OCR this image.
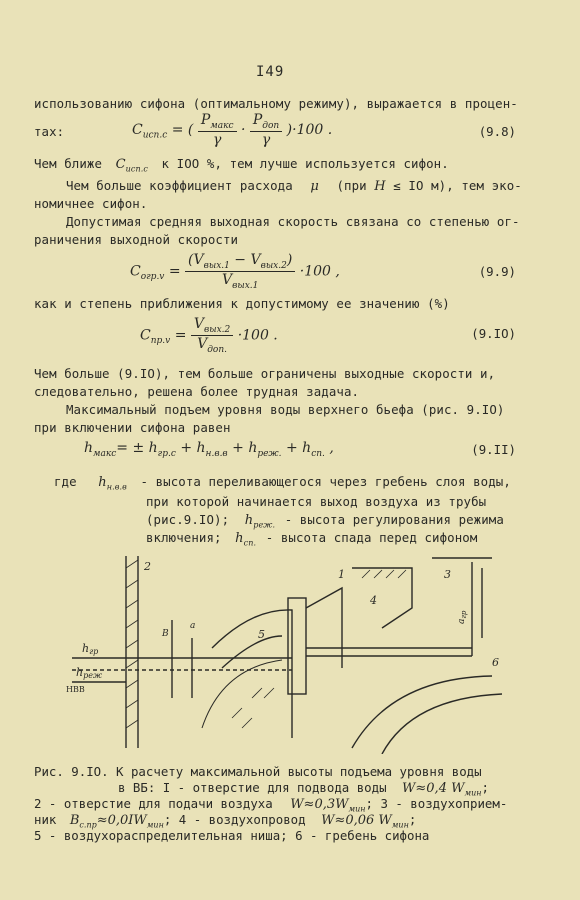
I49
использованию сифона (оптимальному режиму), выражается в процен-
тах:	$C_{исп.с}$ = ( $\frac{P_{макс}}{\gamma} \cdot \frac{P_{доп}}{\gamma} )\cdot 100$ .	(9.8)
Чем ближе $C_{исп.с}$ к IOO %, тем лучше используется сифон.
Чем больше коэффициент расхода μ (при H ≤ IO м), тем эко-
номичнее сифон.
Допустимая средняя выходная скорость связана со степенью ог-
раничения выходной скорости
$C_{огр.v} = \frac{(V_{вых.1} - V_{вых.2})}{V_{вых.1}} \cdot 100$ ,	(9.9)
как и степень приближения к допустимому ее значению (%)
$C_{пр.v} = \frac{V_{вых.2}}{V_{доп.}} \cdot 100$ .	(9.IO)
Чем больше (9.IO), тем больше ограничены выходные скорости и,
следовательно, решена более трудная задача.
Максимальный подъем уровня воды верхнего бьефа (рис. 9.IO)
при включении сифона равен
$h_{макс}= \pm h_{гр.с} + h_{н.в.в} + h_{реж.} + h_{сп.}$ ,	(9.II)
где $h_{н.в.в}$ - высота переливающегося через гребень слоя воды,
при которой начинается выход воздуха из трубы
(рис.9.IO); $h_{реж.}$ - высота регулирования режима
включения; $h_{сп.}$ - высота спада перед сифоном
2
1
4
3
5
6
hгр
hреж
НВВ
В
a	$a_{гр}$
Рис. 9.IO. К расчету максимальной высоты подъема уровня воды
в ВБ: I - отверстие для подвода воды W≈0,4 $W_{мин}$;
2 - отверстие для подачи воздуха $W\approx 0,3W_{мин}$; 3 - воздухоприем-
ник $B_{с.пр}\approx 0,0IW_{мин}$; 4 - воздухопровод W≈0,06 $W_{мин}$;
5 - воздухораспределительная ниша; 6 - гребень сифона
